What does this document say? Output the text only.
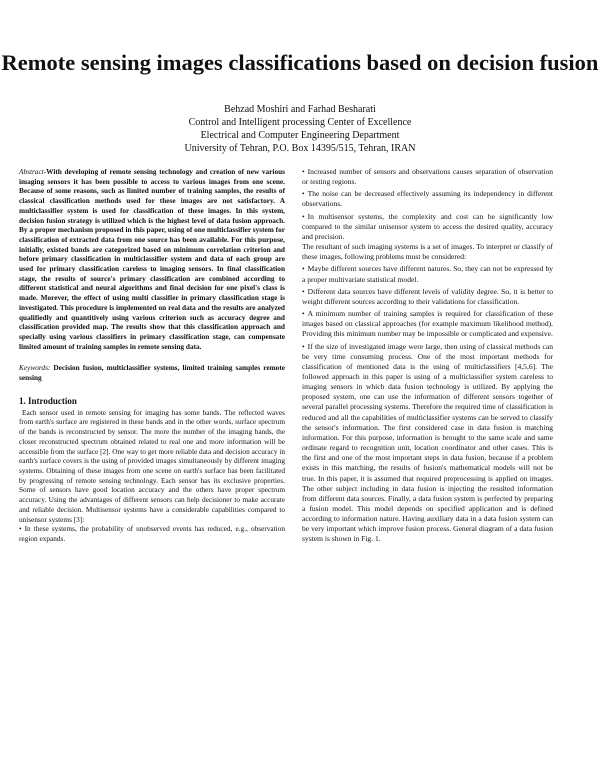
Remote sensing images classifications based on decision fusion
Behzad Moshiri and Farhad Besharati
Control and Intelligent processing Center of Excellence
Electrical and Computer Engineering Department
University of Tehran, P.O. Box 14395/515, Tehran, IRAN

Abstract-With developing of remote sensing technology and creation of new various imaging sensors it has been possible to access to various images from one scene. Because of some reasons, such as limited number of training samples, the results of classical classification methods used for these images are not satisfactory. A multiclassifier system is used for classification of these images. In this system, decision fusion strategy is utilized which is the highest level of data fusion approach. By a proper mechanism proposed in this paper, using of one multiclassifier system for classification of extracted data from one source has been available. For this purpose, initially, existed bands are categorized based on minimum correlation criterion and before primary classification in multiclassifier system and data of each group are used for primary classification careless to imaging sensors. In final classification stage, the results of source's primary classification are combined according to different statistical and neural algorithms and final decision for one pixel's class is made. Morever, the effect of using multi classifier in primary classification stage is investigated. This procedure is implemented on real data and the results are analyzed qualifiedly and quantitively using various criterion such as accuracy degree and classification provided map. The results show that this classification approach and specially using various classifiers in primary classification stage, can compensate limited amount of training samples in remote sensing data.

Keywords: Decision fusion, multiclassifier systems, limited training samples remote sensing

1. Introduction

Each sensor used in remote sensing for imaging has some bands. The reflected waves from earth's surface are registered in these bands and in the other words, surface spectrum of the bands is reconstructed by sensor. The more the number of the imaging bands, the closer reconstructed spectrum obtained related to real one and more information will be accessible from the surface [2]. One way to get more reliable data and decision accuracy in earth's surface covers is the using of provided images simultaneously by different imaging systems. Obtaining of these images from one scene on earth's surface has been facilitated by progressing of remote sensing technology. Each sensor has its exclusive properties. Some of sensors have good location accuracy and the others have proper spectrum accuracy. Using the advantages of different sensors can help decisioner to make accurate and reliable decision. Multisensor systems have a considerable capabilities compared to unisensor systems [3]:

• In these systems, the probability of unobserved events has reduced, e.g., observation region expands.

• Increased number of sensors and observations causes separation of observation or testing regions.

• The noise can be decreased effectively assuming its independency in different observations.

• In multisensor systems, the complexity and cost can be significantly low compared to the similar unisensor system to access the desired quality, accuracy and precision.

The resultant of such imaging systems is a set of images. To interpret or classify of these images, following problems must be considered:

• Maybe different sources have different natures. So, they can not be expressed by a proper multivariate statistical model.

• Different data sources have different levels of validity degree. So, it is better to weight different sources according to their validations for classification.

• A minimum number of training samples is required for classification of these images based on classical approaches (for example maximum likelihood method). Providing this minimum number may be impossible or complicated and expensive.

• If the size of investigated image were large, then using of classical methods can be very time consuming process. One of the most important methods for classification of mentioned data is the using of multiclassifiers [4,5,6]. The followed approach in this paper is using of a multiclassifier system careless to imaging sensors in which data fusion technology is utilized. By applying the proposed system, one can use the information of different sensors together of several parallel processing systems. Therefore the required time of classification is reduced and all the capabilities of multiclassifier systems can be served to classify the sensor's information. The first considered case in data fusion is matching information. For this purpose, information is brought to the same scale and same ordinate regard to recognition unit, location coordinator and other cases. This is the first and one of the most important steps in data fusion, because if a problem exists in this matching, the results of fusion's mathematical models will not be true. In this paper, it is assumed that required preprocessing is applied on images. The other subject including in data fusion is injecting the resulted information from different data sources. Finally, a data fusion system is perfected by preparing a fusion model. This model depends on specified application and is defined according to information nature. Having auxiliary data in a data fusion system can be very important which improve fusion process. General diagram of a data fusion system is shown in Fig. 1.
